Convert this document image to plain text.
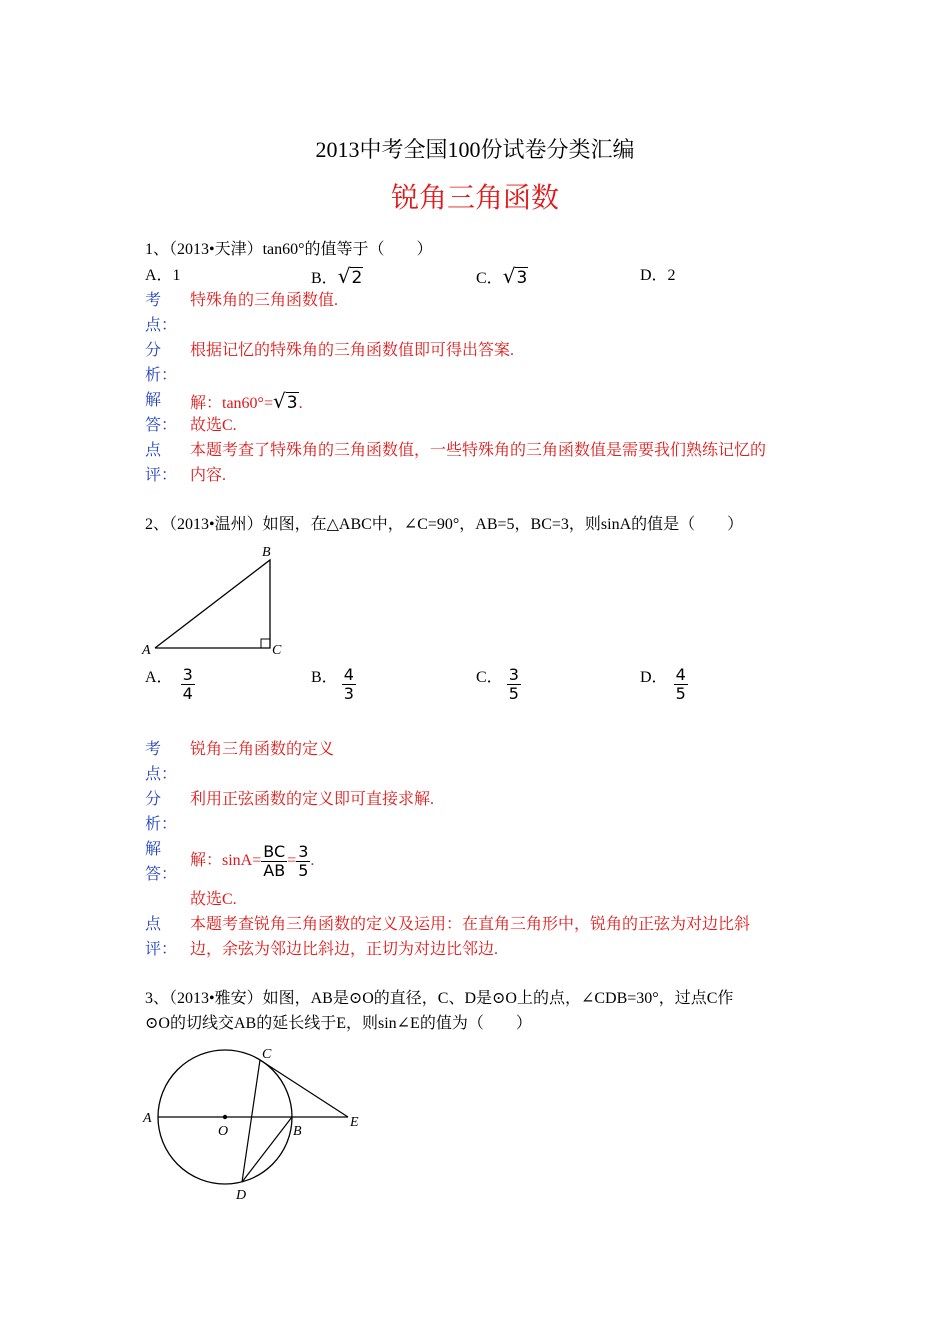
2013中考全国100份试卷分类汇编
锐角三角函数
1、（2013•天津）tan60°的值等于（　　）
A．1	B．√2	C．√3	D．2
考
点：
特殊角的三角函数值.
分
析：
根据记忆的特殊角的三角函数值即可得出答案.
解
答：
解：tan60°=√3.
故选C.
点
评：
本题考查了特殊角的三角函数值，一些特殊角的三角函数值是需要我们熟练记忆的
内容.
2、（2013•温州）如图，在△ABC中，∠C=90°，AB=5，BC=3，则sinA的值是（　　）
A
B
C
A． $\frac{3}{4}$	B． $\frac{4}{3}$	C． $\frac{3}{5}$	D． $\frac{4}{5}$
考
点：
锐角三角函数的定义
分
析：
利用正弦函数的定义即可直接求解.
解
答：
解：$\sin A= \frac{BC}{AB} = \frac{3}{5}$ .
故选C.
点
评：
本题考查锐角三角函数的定义及运用：在直角三角形中，锐角的正弦为对边比斜
边，余弦为邻边比斜边，正切为对边比邻边.
3、（2013•雅安）如图，AB是⊙O的直径，C、D是⊙O上的点，∠CDB=30°，过点C作
⊙O的切线交AB的延长线于E，则sin∠E的值为（　　）
A
O	B
C
D
E
